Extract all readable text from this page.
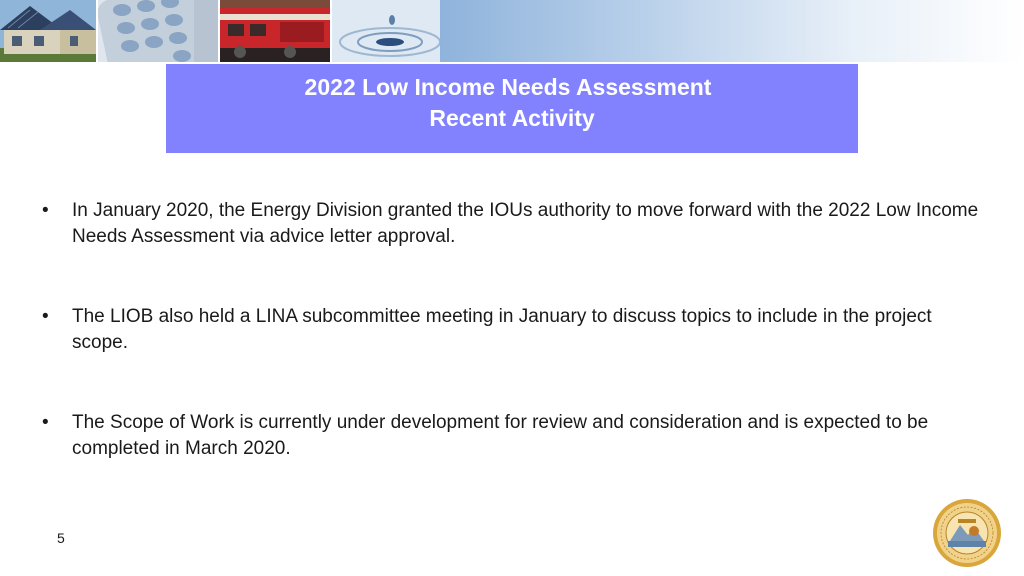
2022 Low Income Needs Assessment
Recent Activity
•	In January 2020, the Energy Division granted the IOUs authority to move forward with the 2022 Low Income Needs Assessment via advice letter approval.
•	The LIOB also held a LINA subcommittee meeting in January to discuss topics to include in the project scope.
•	The Scope of Work is currently under development for review and consideration and is expected to be completed in March 2020.
5
